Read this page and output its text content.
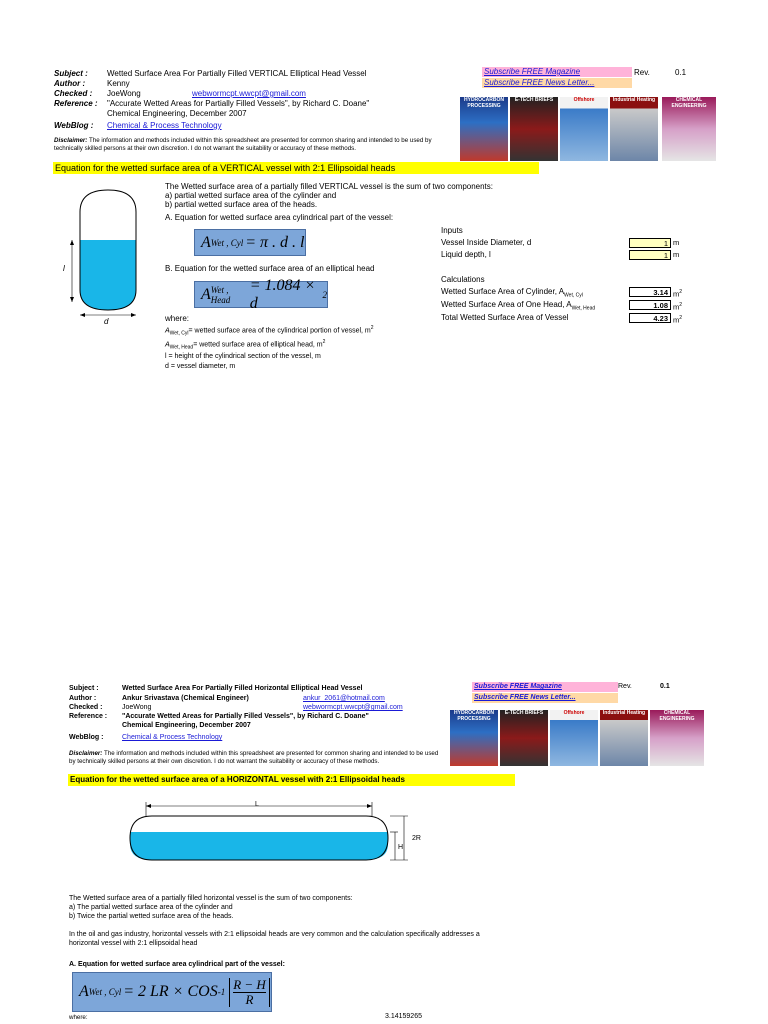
Subject : Wetted Surface Area For Partially Filled VERTICAL Elliptical Head Vessel
Author :	Kenny
Checked : JoeWong	webwormcpt.wwcpt@gmail.com
Reference : "Accurate Wetted Areas for Partially Filled Vessels", by Richard C. Doane"
Chemical Engineering, December 2007
WebBlog : Chemical & Process Technology
Disclaimer: The information and methods included within this spreadsheet are presented for common sharing and intended to be used by technically skilled persons at their own discretion. I do not warrant the suitability or accuracy of these methods.
Subscribe FREE Magazine
Subscribe FREE News Letter...
Rev.	0.1
HYDROCARBON PROCESSING
E-TECH BRIEFS	Offshore	Industrial Heating	CHEMICAL ENGINEERING
Equation for the wetted surface area of a VERTICAL vessel with 2:1 Ellipsoidal heads
l
d
The Wetted surface area of a partially filled VERTICAL vessel is the sum of two components:
a) partial wetted surface area of the cylinder and
b) partial wetted surface area of the heads.
A. Equation for wetted surface area cylindrical part of the vessel:
A Wet , Cyl = π . d . l
B. Equation for the wetted surface area of an elliptical head
A Wet , Head
= 1.084 × d	2
where:
$A_{Wet, Cyl}=$ wetted surface area of the cylindrical portion of vessel, $m^2$
$A_{Wet, Head}=$ wetted surface area of elliptical head, $m^2$
l = height of the cylindrical section of the vessel, m
d = vessel diameter, m
Inputs
Vessel Inside Diameter, d	1 m
Liquid depth, l	1 m
Calculations
Wetted Surface Area of Cylinder, $A_{Wet, Cyl}$	3.14 $m^2$
Wetted Surface Area of One Head, $A_{Wet, Head}$	1.08 $m^2$
Total Wetted Surface Area of Vessel	4.23 $m^2$
Subject :	Wetted Surface Area For Partially Filled Horizontal Elliptical Head Vessel
Author :	Ankur Srivastava (Chemical Engineer)	ankur_2061@hotmail.com
Checked :	JoeWong	webwormcpt.wwcpt@gmail.com
Reference : "Accurate Wetted Areas for Partially Filled Vessels", by Richard C. Doane"
Chemical Engineering, December 2007
WebBlog :	Chemical & Process Technology
Disclaimer: The information and methods included within this spreadsheet are presented for common sharing and intended to be used by technically skilled persons at their own discretion. I do not warrant the suitability or accuracy of these methods.
Subscribe FREE Magazine
Subscribe FREE News Letter...
Rev.	0.1
HYDROCARBON PROCESSING
E-TECH BRIEFS	Offshore	Industrial Heating	CHEMICAL ENGINEERING
Equation for the wetted surface area of a HORIZONTAL vessel with 2:1 Ellipsoidal heads
L
2R
H
The Wetted surface area of a partially filled horizontal vessel is the sum of two components:
a) The partial wetted surface area of the cylinder and
b) Twice the partial wetted surface area of the heads.
In the oil and gas industry, horizontal vessels with 2:1 ellipsoidal heads are very common and the calculation specifically addresses a
horizontal vessel with 2:1 ellipsoidal head
A. Equation for wetted surface area cylindrical part of the vessel:
A Wet , Cyl = 2 LR × COS -1
R − H
R
where:	3.14159265
